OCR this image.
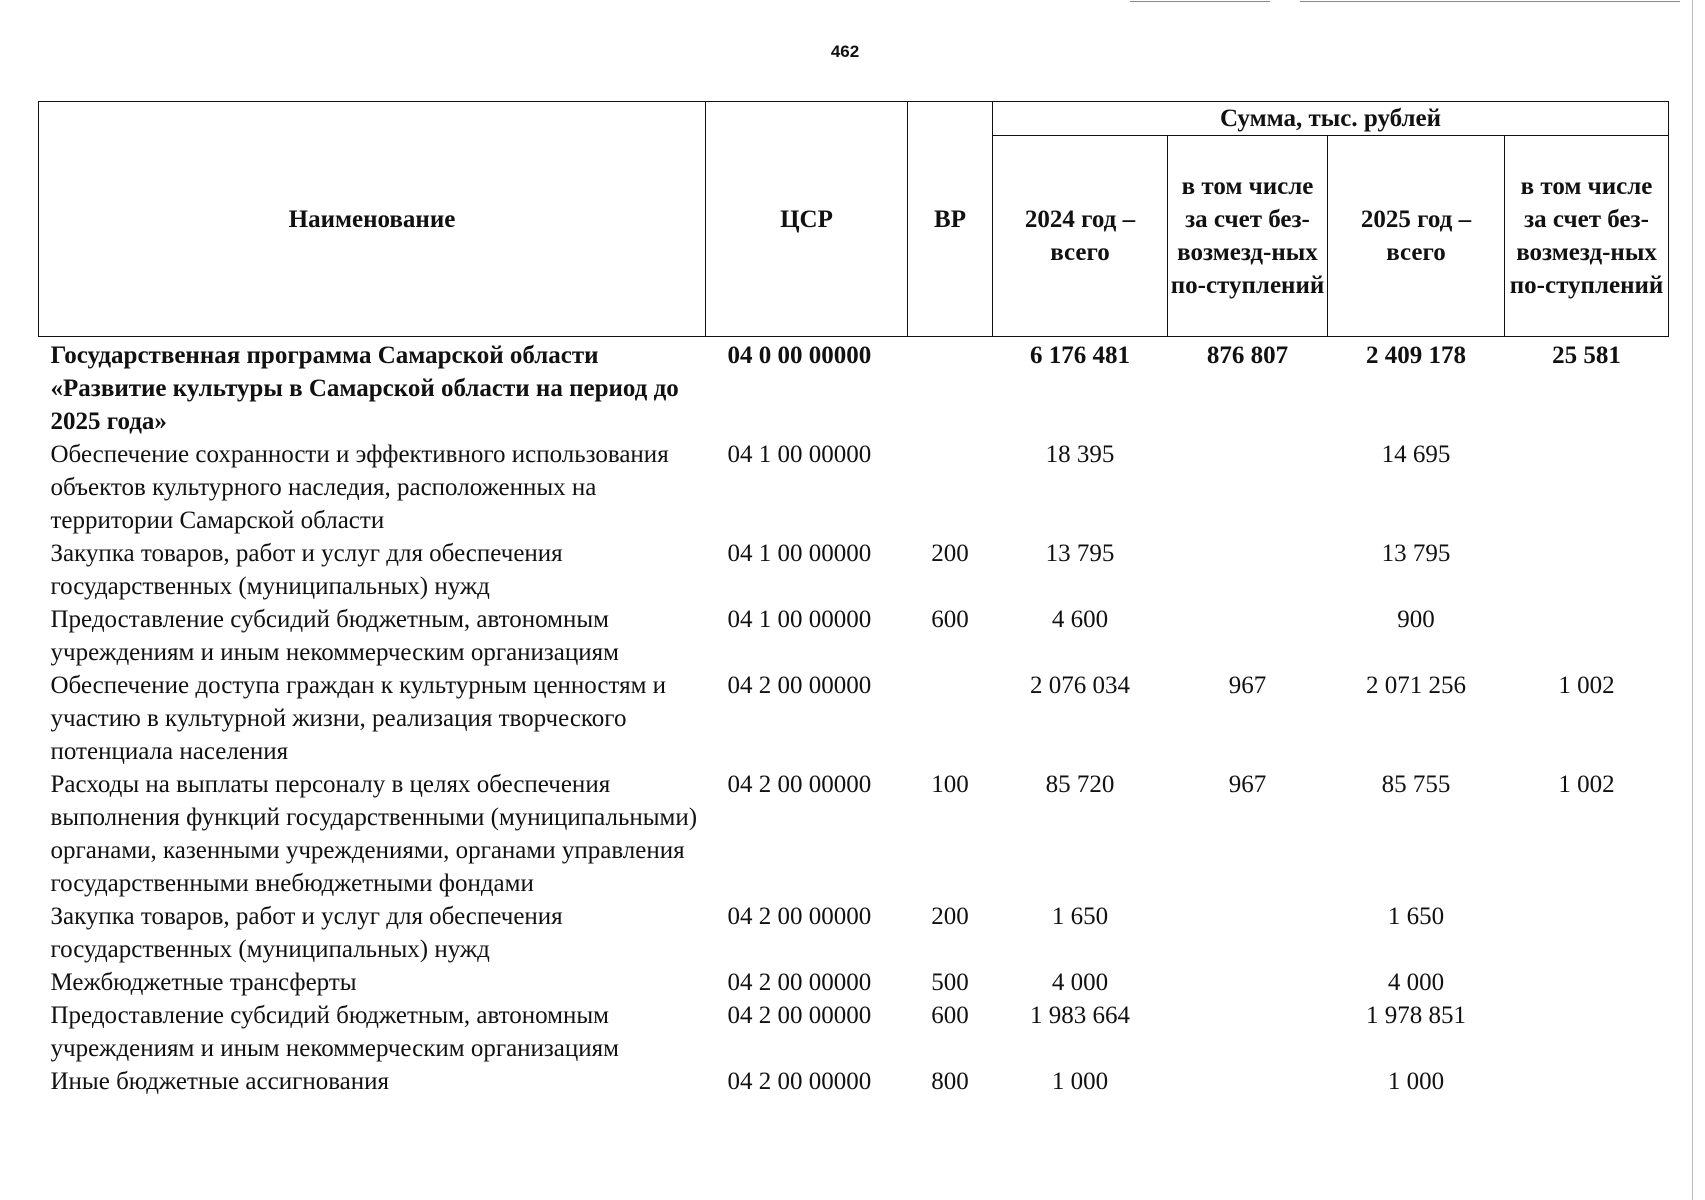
462
Наименование	ЦСР	ВР	Сумма, тыс. рублей			
			2024 год – всего	в том числе за счет без-возмезд-ных по-ступлений	2025 год – всего	в том числе за счет без-возмезд-ных по-ступлений
Государственная программа Самарской области «Развитие культуры в Самарской области на период до 2025 года»	04 0 00 00000		6 176 481	876 807	2 409 178	25 581
Обеспечение сохранности и эффективного использования объектов культурного наследия, расположенных на территории Самарской области	04 1 00 00000		18 395		14 695	
Закупка товаров, работ и услуг для обеспечения государственных (муниципальных) нужд	04 1 00 00000	200	13 795		13 795	
Предоставление субсидий бюджетным, автономным учреждениям и иным некоммерческим организациям	04 1 00 00000	600	4 600		900	
Обеспечение доступа граждан к культурным ценностям и участию в культурной жизни, реализация творческого потенциала населения	04 2 00 00000		2 076 034	967	2 071 256	1 002
Расходы на выплаты персоналу в целях обеспечения выполнения функций государственными (муниципальными) органами, казенными учреждениями, органами управления государственными внебюджетными фондами	04 2 00 00000	100	85 720	967	85 755	1 002
Закупка товаров, работ и услуг для обеспечения государственных (муниципальных) нужд	04 2 00 00000	200	1 650		1 650	
Межбюджетные трансферты	04 2 00 00000	500	4 000		4 000	
Предоставление субсидий бюджетным, автономным учреждениям и иным некоммерческим организациям	04 2 00 00000	600	1 983 664		1 978 851	
Иные бюджетные ассигнования	04 2 00 00000	800	1 000		1 000	
